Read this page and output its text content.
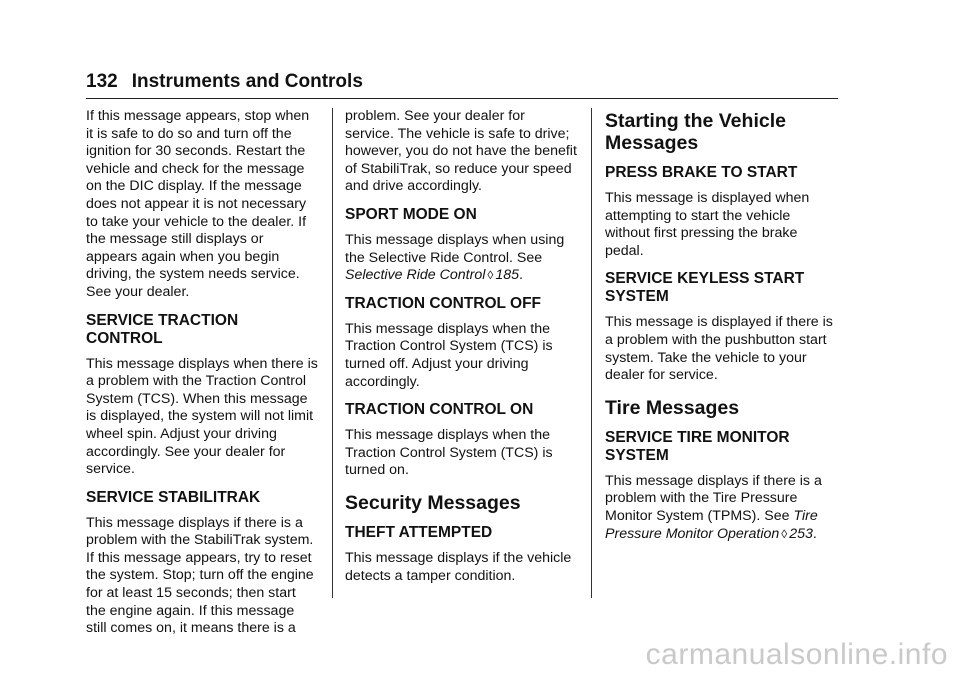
132 Instruments and Controls

If this message appears, stop when it is safe to do so and turn off the ignition for 30 seconds. Restart the vehicle and check for the message on the DIC display. If the message does not appear it is not necessary to take your vehicle to the dealer. If the message still displays or appears again when you begin driving, the system needs service. See your dealer.

SERVICE TRACTION CONTROL

This message displays when there is a problem with the Traction Control System (TCS). When this message is displayed, the system will not limit wheel spin. Adjust your driving accordingly. See your dealer for service.

SERVICE STABILITRAK

This message displays if there is a problem with the StabiliTrak system. If this message appears, try to reset the system. Stop; turn off the engine for at least 15 seconds; then start the engine again. If this message still comes on, it means there is a

problem. See your dealer for service. The vehicle is safe to drive; however, you do not have the benefit of StabiliTrak, so reduce your speed and drive accordingly.

SPORT MODE ON

This message displays when using the Selective Ride Control. See Selective Ride Control ◊ 185.

TRACTION CONTROL OFF

This message displays when the Traction Control System (TCS) is turned off. Adjust your driving accordingly.

TRACTION CONTROL ON

This message displays when the Traction Control System (TCS) is turned on.

Security Messages
THEFT ATTEMPTED

This message displays if the vehicle detects a tamper condition.

Starting the Vehicle Messages
PRESS BRAKE TO START

This message is displayed when attempting to start the vehicle without first pressing the brake pedal.

SERVICE KEYLESS START SYSTEM

This message is displayed if there is a problem with the pushbutton start system. Take the vehicle to your dealer for service.

Tire Messages
SERVICE TIRE MONITOR SYSTEM

This message displays if there is a problem with the Tire Pressure Monitor System (TPMS). See Tire Pressure Monitor Operation ◊ 253.

carmanualsonline.info
